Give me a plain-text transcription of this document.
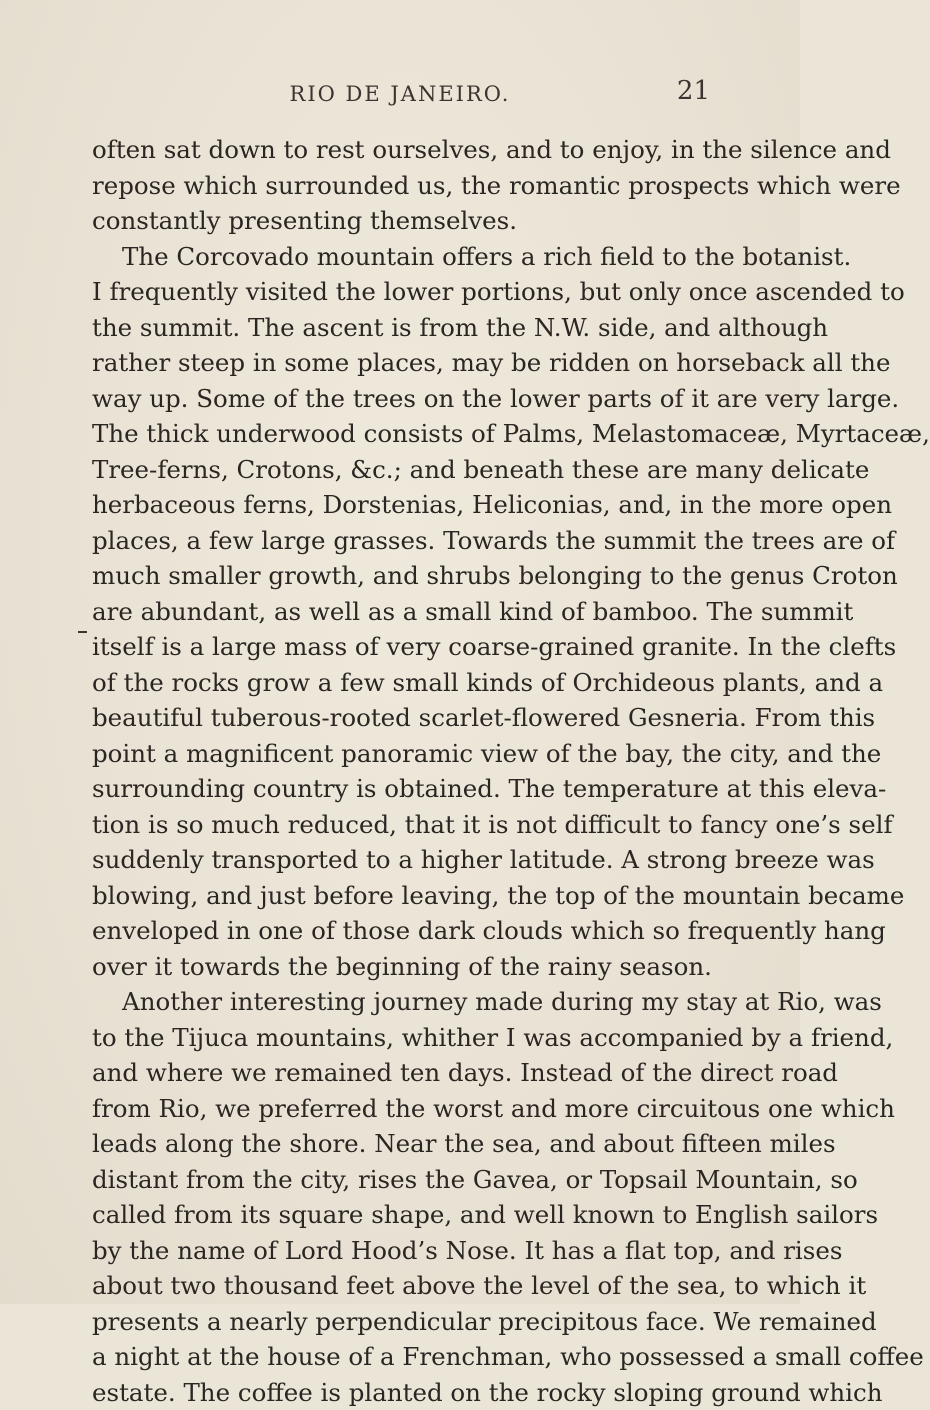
RIO DE JANEIRO.	21
often sat down to rest ourselves, and to enjoy, in the silence and
repose which surrounded us, the romantic prospects which were
constantly presenting themselves.
The Corcovado mountain offers a rich field to the botanist.
I frequently visited the lower portions, but only once ascended to
the summit. The ascent is from the N.W. side, and although
rather steep in some places, may be ridden on horseback all the
way up. Some of the trees on the lower parts of it are very large.
The thick underwood consists of Palms, Melastomaceæ, Myrtaceæ,
Tree-ferns, Crotons, &c.; and beneath these are many delicate
herbaceous ferns, Dorstenias, Heliconias, and, in the more open
places, a few large grasses. Towards the summit the trees are of
much smaller growth, and shrubs belonging to the genus Croton
are abundant, as well as a small kind of bamboo. The summit
itself is a large mass of very coarse-grained granite. In the clefts
of the rocks grow a few small kinds of Orchideous plants, and a
beautiful tuberous-rooted scarlet-flowered Gesneria. From this
point a magnificent panoramic view of the bay, the city, and the
surrounding country is obtained. The temperature at this eleva-
tion is so much reduced, that it is not difficult to fancy one’s self
suddenly transported to a higher latitude. A strong breeze was
blowing, and just before leaving, the top of the mountain became
enveloped in one of those dark clouds which so frequently hang
over it towards the beginning of the rainy season.
Another interesting journey made during my stay at Rio, was
to the Tijuca mountains, whither I was accompanied by a friend,
and where we remained ten days. Instead of the direct road
from Rio, we preferred the worst and more circuitous one which
leads along the shore. Near the sea, and about fifteen miles
distant from the city, rises the Gavea, or Topsail Mountain, so
called from its square shape, and well known to English sailors
by the name of Lord Hood’s Nose. It has a flat top, and rises
about two thousand feet above the level of the sea, to which it
presents a nearly perpendicular precipitous face. We remained
a night at the house of a Frenchman, who possessed a small coffee
estate. The coffee is planted on the rocky sloping ground which
